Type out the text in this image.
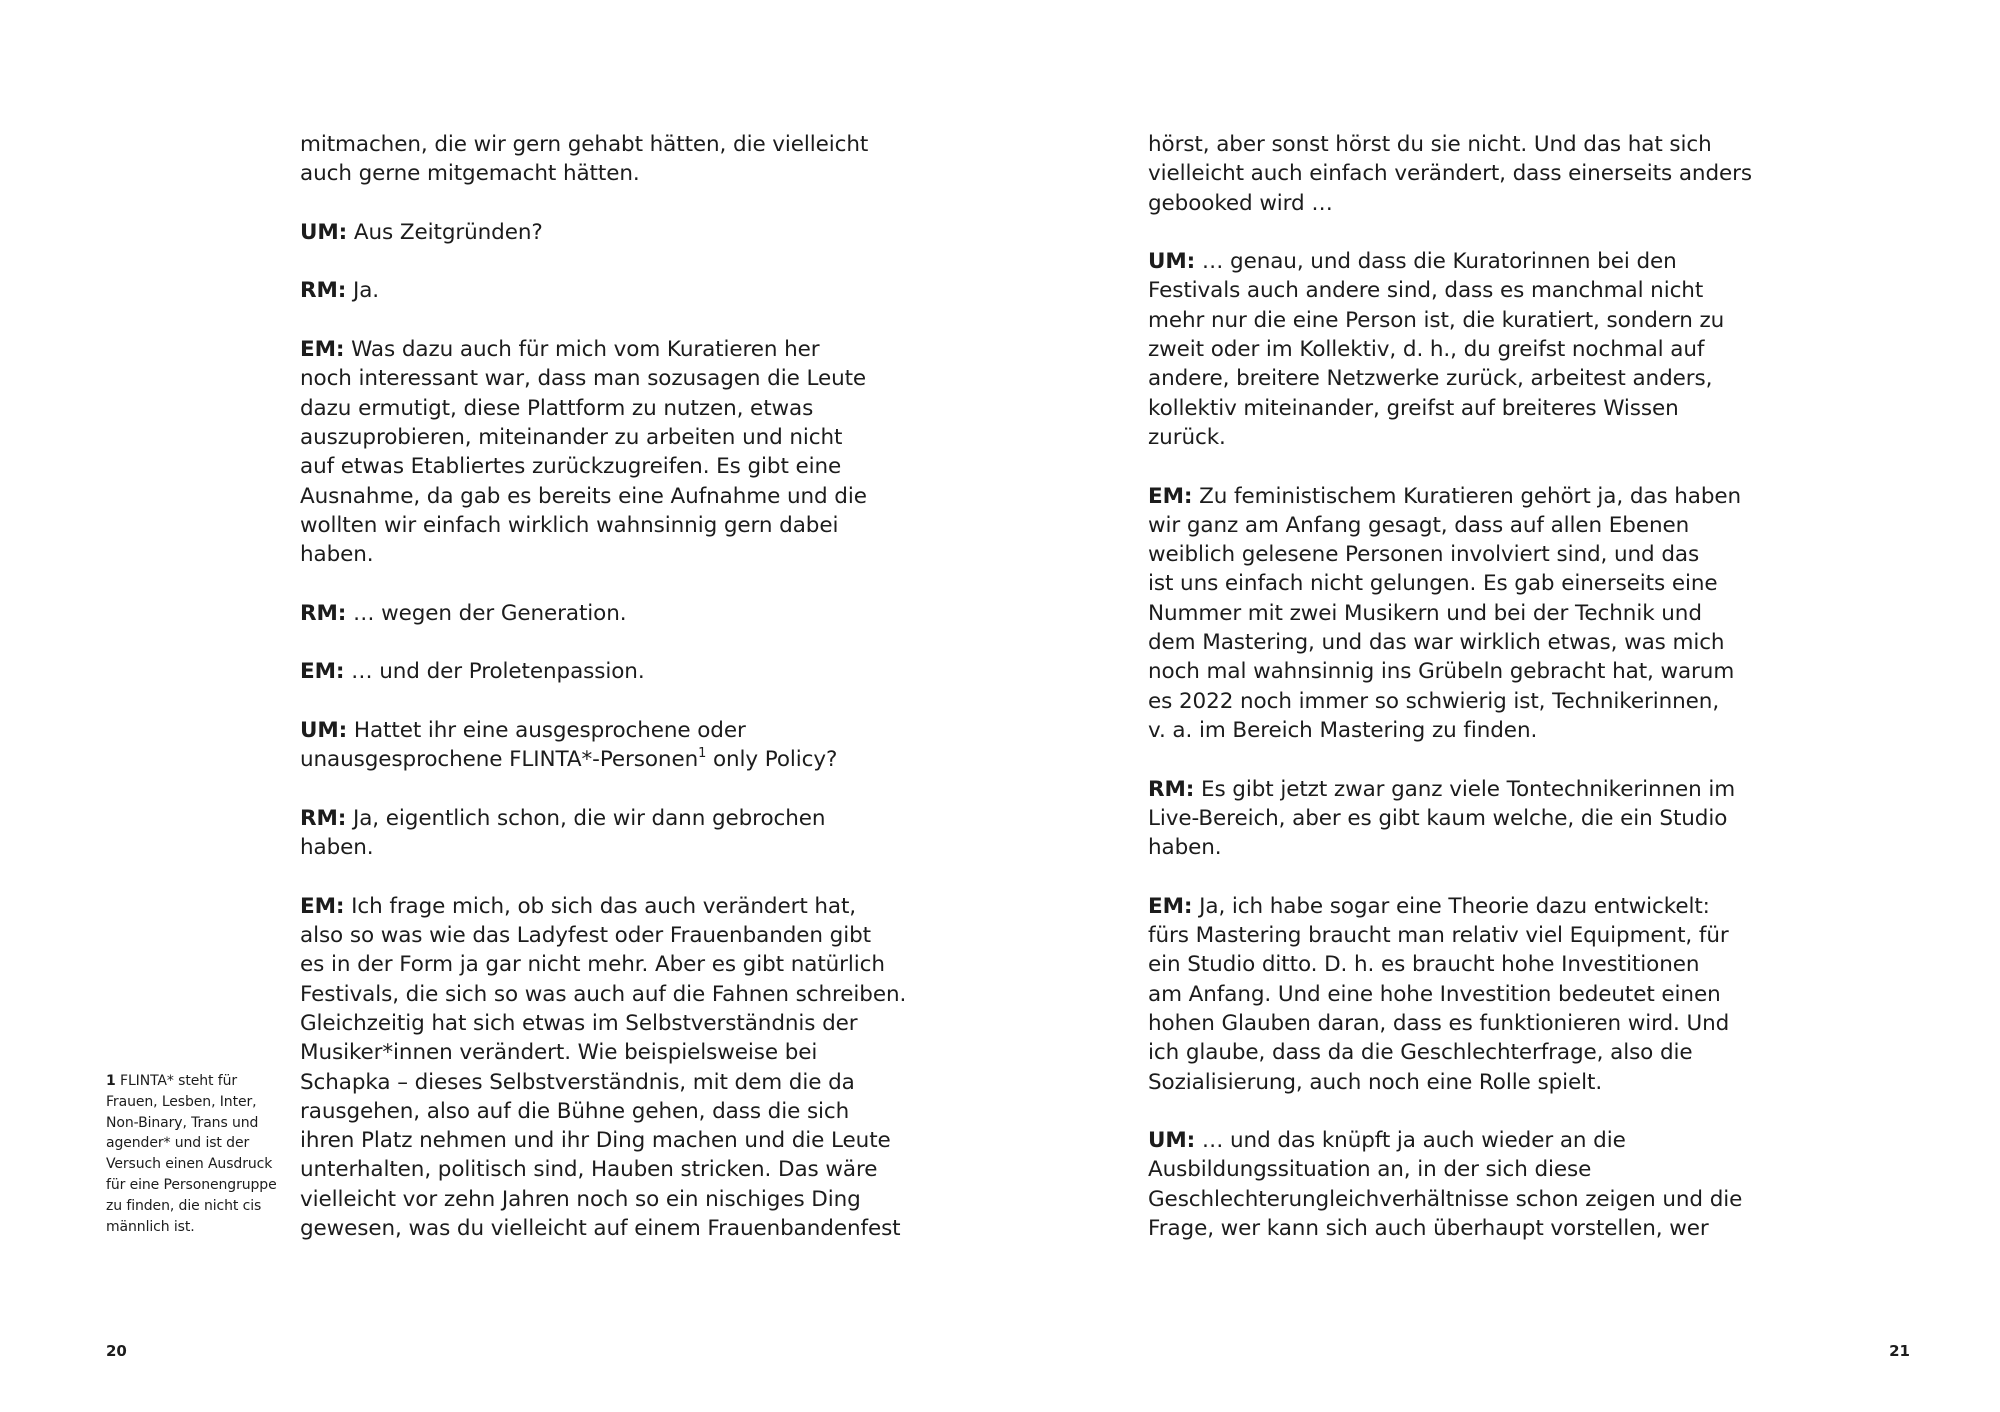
mitmachen, die wir gern gehabt hätten, die vielleicht
auch gerne mitgemacht hätten.

UM: Aus Zeitgründen?

RM: Ja.

EM: Was dazu auch für mich vom Kuratieren her
noch interessant war, dass man sozusagen die Leute
dazu ermutigt, diese Plattform zu nutzen, etwas
auszuprobieren, miteinander zu arbeiten und nicht
auf etwas Etabliertes zurückzugreifen. Es gibt eine
Ausnahme, da gab es bereits eine Aufnahme und die
wollten wir einfach wirklich wahnsinnig gern dabei
haben.

RM: … wegen der Generation.

EM: … und der Proletenpassion.

UM: Hattet ihr eine ausgesprochene oder
unausgesprochene FLINTA*-Personen$^1$ only Policy?

RM: Ja, eigentlich schon, die wir dann gebrochen
haben.

EM: Ich frage mich, ob sich das auch verändert hat,
also so was wie das Ladyfest oder Frauenbanden gibt
es in der Form ja gar nicht mehr. Aber es gibt natürlich
Festivals, die sich so was auch auf die Fahnen schreiben.
Gleichzeitig hat sich etwas im Selbstverständnis der
Musiker*innen verändert. Wie beispielsweise bei
Schapka – dieses Selbstverständnis, mit dem die da
rausgehen, also auf die Bühne gehen, dass die sich
ihren Platz nehmen und ihr Ding machen und die Leute
unterhalten, politisch sind, Hauben stricken. Das wäre
vielleicht vor zehn Jahren noch so ein nischiges Ding
gewesen, was du vielleicht auf einem Frauenbandenfest

1 FLINTA* steht für
Frauen, Lesben, Inter,
Non-Binary, Trans und
agender* und ist der
Versuch einen Ausdruck
für eine Personengruppe
zu finden, die nicht cis
männlich ist.

hörst, aber sonst hörst du sie nicht. Und das hat sich
vielleicht auch einfach verändert, dass einerseits anders
gebooked wird …

UM: … genau, und dass die Kuratorinnen bei den
Festivals auch andere sind, dass es manchmal nicht
mehr nur die eine Person ist, die kuratiert, sondern zu
zweit oder im Kollektiv, d. h., du greifst nochmal auf
andere, breitere Netzwerke zurück, arbeitest anders,
kollektiv miteinander, greifst auf breiteres Wissen
zurück.

EM: Zu feministischem Kuratieren gehört ja, das haben
wir ganz am Anfang gesagt, dass auf allen Ebenen
weiblich gelesene Personen involviert sind, und das
ist uns einfach nicht gelungen. Es gab einerseits eine
Nummer mit zwei Musikern und bei der Technik und
dem Mastering, und das war wirklich etwas, was mich
noch mal wahnsinnig ins Grübeln gebracht hat, warum
es 2022 noch immer so schwierig ist, Technikerinnen,
v. a. im Bereich Mastering zu finden.

RM: Es gibt jetzt zwar ganz viele Tontechnikerinnen im
Live-Bereich, aber es gibt kaum welche, die ein Studio
haben.

EM: Ja, ich habe sogar eine Theorie dazu entwickelt:
fürs Mastering braucht man relativ viel Equipment, für
ein Studio ditto. D. h. es braucht hohe Investitionen
am Anfang. Und eine hohe Investition bedeutet einen
hohen Glauben daran, dass es funktionieren wird. Und
ich glaube, dass da die Geschlechterfrage, also die
Sozialisierung, auch noch eine Rolle spielt.

UM: … und das knüpft ja auch wieder an die
Ausbildungssituation an, in der sich diese
Geschlechterungleichverhältnisse schon zeigen und die
Frage, wer kann sich auch überhaupt vorstellen, wer

20	21
